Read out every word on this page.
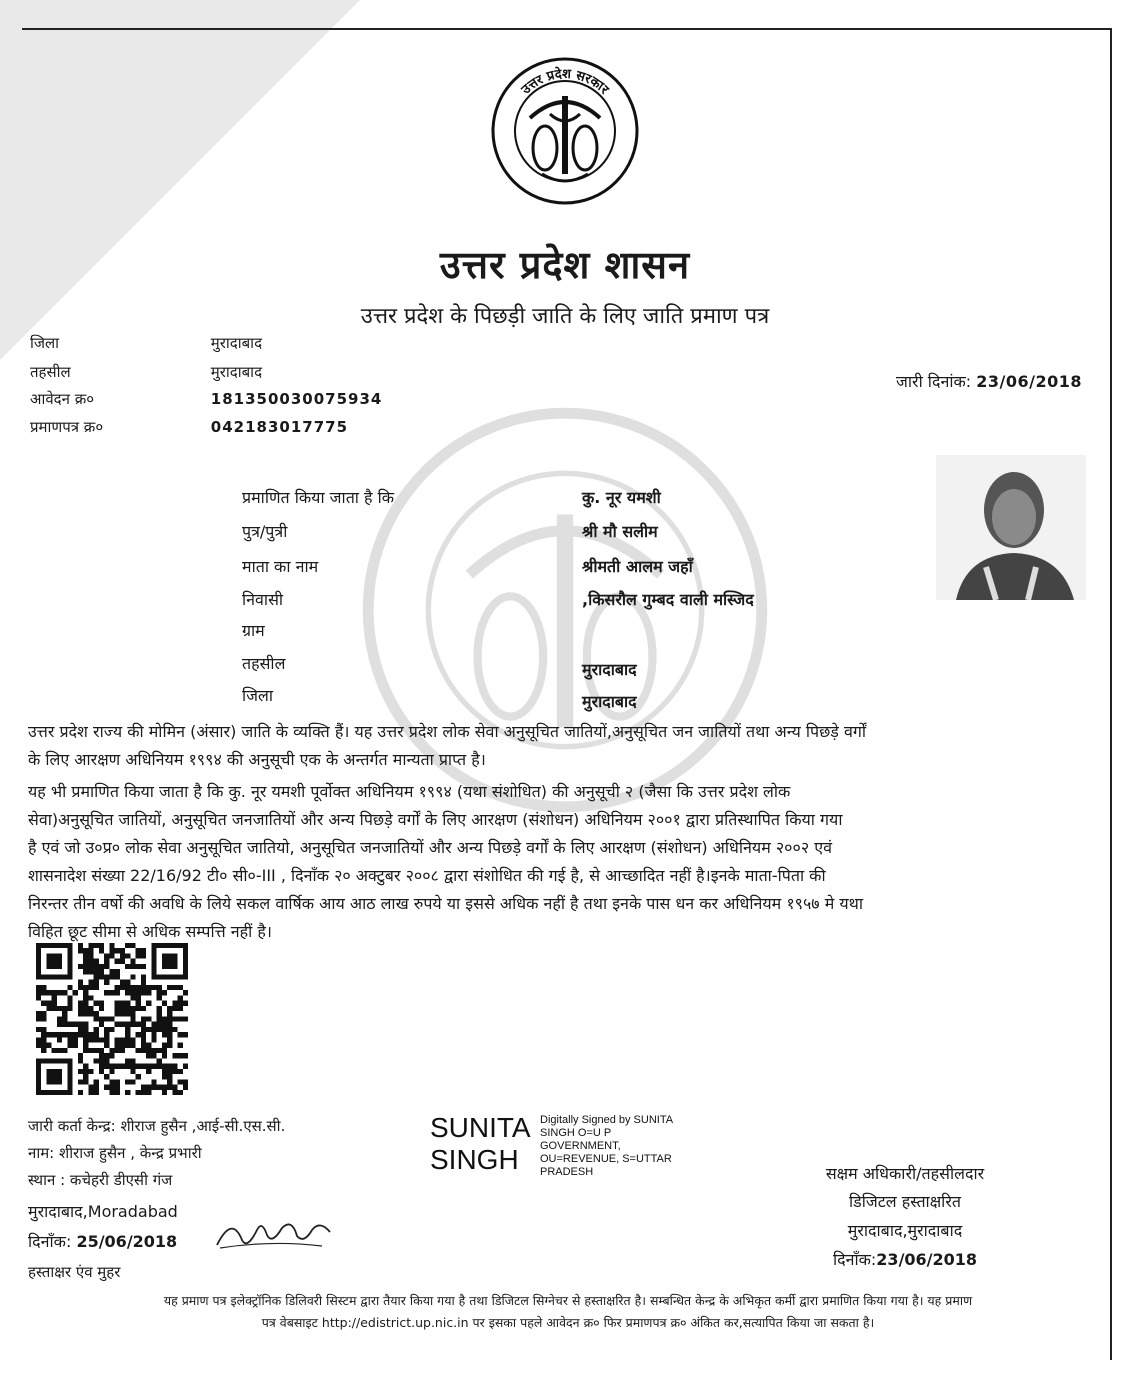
उत्तर प्रदेश सरकार
उत्तर प्रदेश शासन
उत्तर प्रदेश के पिछड़ी जाति के लिए जाति प्रमाण पत्र
जिला	मुरादाबाद
तहसील	मुरादाबाद
आवेदन क्र०	181350030075934
प्रमाणपत्र क्र०	042183017775
जारी दिनांक: 23/06/2018
प्रमाणित किया जाता है कि	कु. नूर यमशी
पुत्र/पुत्री	श्री मौ सलीम
माता का नाम	श्रीमती आलम जहाँ
निवासी	,किसरौल गुम्बद वाली मस्जिद
ग्राम
तहसील	मुरादाबाद
जिला	मुरादाबाद
उत्तर प्रदेश राज्य की मोमिन (अंसार) जाति के व्यक्ति हैं। यह उत्तर प्रदेश लोक सेवा अनुसूचित जातियों,अनुसूचित जन जातियों तथा अन्य पिछड़े वर्गों
के लिए आरक्षण अधिनियम १९९४ की अनुसूची एक के अन्तर्गत मान्यता प्राप्त है।
यह भी प्रमाणित किया जाता है कि कु. नूर यमशी पूर्वोक्त अधिनियम १९९४ (यथा संशोधित) की अनुसूची २ (जैसा कि उत्तर प्रदेश लोक
सेवा)अनुसूचित जातियों, अनुसूचित जनजातियों और अन्य पिछड़े वर्गों के लिए आरक्षण (संशोधन) अधिनियम २००१ द्वारा प्रतिस्थापित किया गया
है एवं जो उ०प्र० लोक सेवा अनुसूचित जातियो, अनुसूचित जनजातियों और अन्य पिछड़े वर्गों के लिए आरक्षण (संशोधन) अधिनियम २००२ एवं
शासनादेश संख्या 22/16/92 टी० सी०-III , दिनाँक २० अक्टुबर २००८ द्वारा संशोधित की गई है, से आच्छादित नहीं है।इनके माता-पिता की
निरन्तर तीन वर्षो की अवधि के लिये सकल वार्षिक आय आठ लाख रुपये या इससे अधिक नहीं है तथा इनके पास धन कर अधिनियम १९५७ मे यथा
विहित छूट सीमा से अधिक सम्पत्ति नहीं है।
जारी कर्ता केन्द्र: शीराज हुसैन ,आई-सी.एस.सी.
नाम: शीराज हुसैन , केन्द्र प्रभारी
स्थान : कचेहरी डीएसी गंज
मुरादाबाद,Moradabad
दिनाँक: 25/06/2018
हस्ताक्षर एंव मुहर
SUNITA
SINGH
Digitally Signed by SUNITA
SINGH O=U P
GOVERNMENT,
OU=REVENUE, S=UTTAR
PRADESH	सक्षम अधिकारी/तहसीलदार
डिजिटल हस्ताक्षरित
मुरादाबाद,मुरादाबाद
दिनाँक:23/06/2018
यह प्रमाण पत्र इलेक्ट्रॉनिक डिलिवरी सिस्टम द्वारा तैयार किया गया है तथा डिजिटल सिग्नेचर से हस्ताक्षरित है। सम्बन्धित केन्द्र के अभिकृत कर्मी द्वारा प्रमाणित किया गया है। यह प्रमाण
पत्र वेबसाइट http://edistrict.up.nic.in पर इसका पहले आवेदन क्र० फिर प्रमाणपत्र क्र० अंकित कर,सत्यापित किया जा सकता है।
